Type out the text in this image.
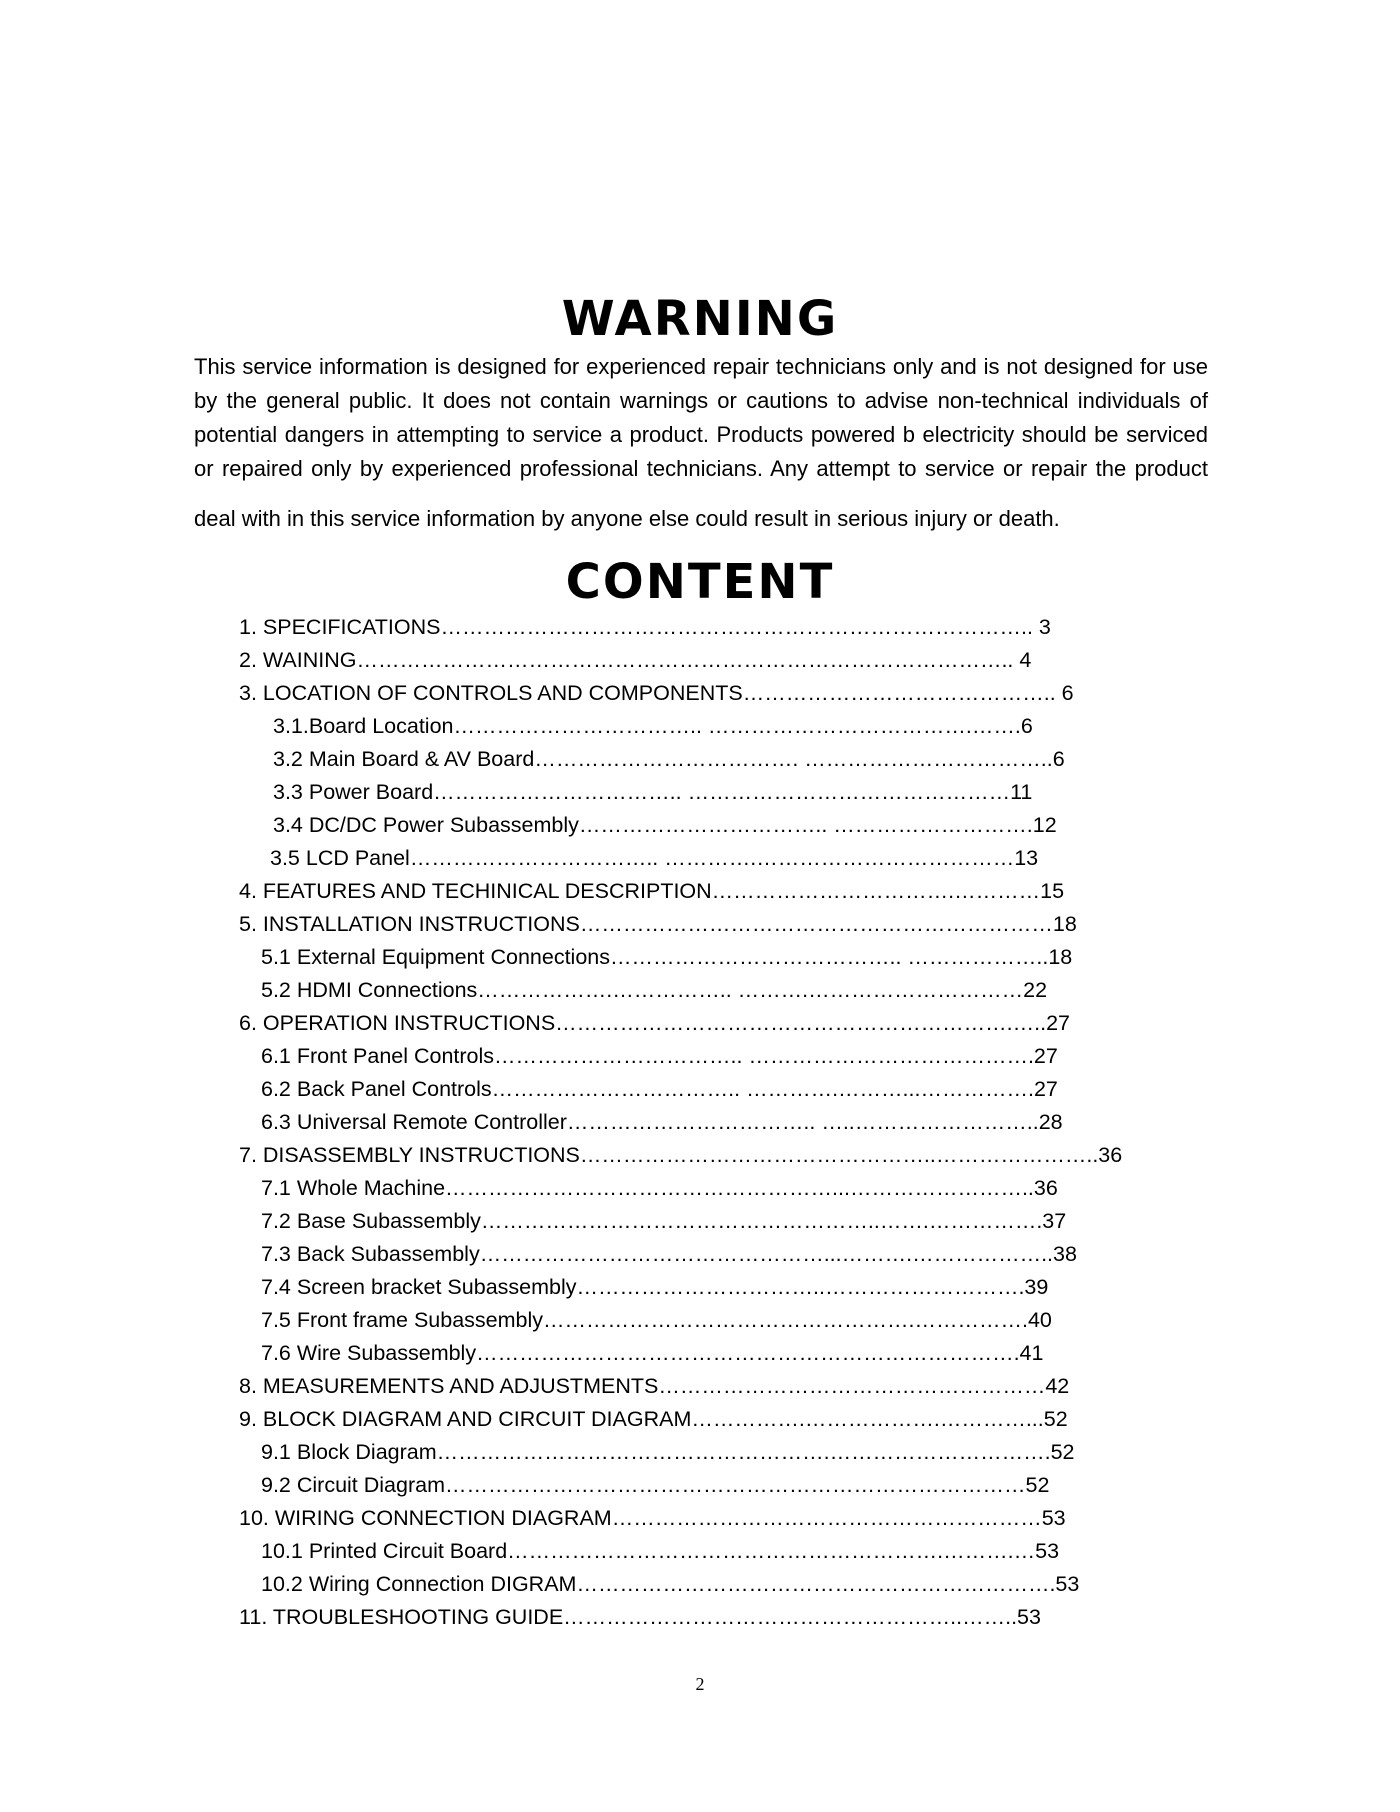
WARNING

This service information is designed for experienced repair technicians only and is not designed for use by the general public. It does not contain warnings or cautions to advise non-technical individuals of potential dangers in attempting to service a product. Products powered b electricity should be serviced or repaired only by experienced professional technicians. Any attempt to service or repair the product

deal with in this service information by anyone else could result in serious injury or death.

CONTENT
1. SPECIFICATIONS……………………………………………………………………….. 3
2. WAINING……………………………………………………………………………….. 4
3. LOCATION OF CONTROLS AND COMPONENTS…………………………………….. 6
3.1.Board Location…………………………….. ……………………………….…….6
3.2 Main Board & AV Board………………………………. ……………………………..6
3.3 Power Board…………………………….. ………………………………………11
3.4 DC/DC Power Subassembly…………………………….. ……………………….12
3.5 LCD Panel…………………………….. ………….………………………………13
4. FEATURES AND TECHINICAL DESCRIPTION…………………………….…………15
5. INSTALLATION INSTRUCTIONS…………………………………………………………18
5.1 External Equipment Connections………………………………….. ………………..18
5.2 HDMI Connections……………….…………….. ……….…………………………22
6. OPERATION INSTRUCTIONS……………………………………………………….…..27
6.1 Front Panel Controls…………………………….. ………………………………….27
6.2 Back Panel Controls…………………………….. ………….………...…………….27
6.3 Universal Remote Controller…………………………….. …..……………………..28
7. DISASSEMBLY INSTRUCTIONS…………………………………………..…………………..36
7.1 Whole Machine………………………………………………...……………………..36
7.2 Base Subassembly………………………………………………..…….…………….37
7.3 Back Subassembly…………………………………………...……….………………..38
7.4 Screen bracket Subassembly……………………………..……………………….39
7.5 Front frame Subassembly…………………………………………….…………….40
7.6 Wire Subassembly………………………………………………………………….41
8. MEASUREMENTS AND ADJUSTMENTS………………………………………………42
9. BLOCK DIAGRAM AND CIRCUIT DIAGRAM…………….……………….…………...52
9.1 Block Diagram……………………………………………….………………………….52
9.2 Circuit Diagram………………………………………………………………………52
10. WIRING CONNECTION DIAGRAM……………………………………………………53
10.1 Printed Circuit Board…………………………………………………….……….…53
10.2 Wiring Connection DIGRAM………………………………………………………….53
11. TROUBLESHOOTING GUIDE………………………………………………..……..53
2
